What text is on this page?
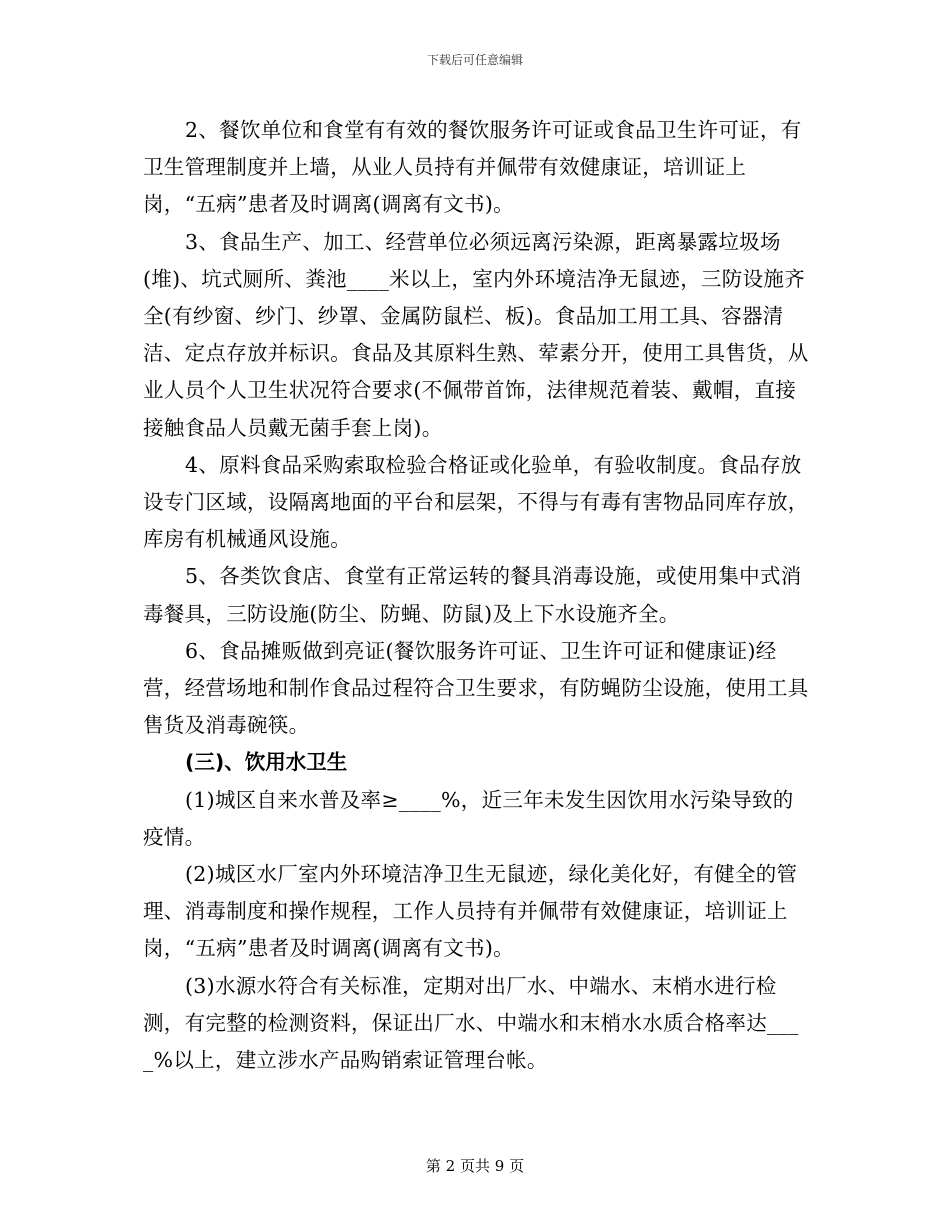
下载后可任意编辑

2、餐饮单位和食堂有有效的餐饮服务许可证或食品卫生许可证，有卫生管理制度并上墙，从业人员持有并佩带有效健康证，培训证上岗，“五病”患者及时调离(调离有文书)。

3、食品生产、加工、经营单位必须远离污染源，距离暴露垃圾场(堆)、坑式厕所、粪池____米以上，室内外环境洁净无鼠迹，三防设施齐全(有纱窗、纱门、纱罩、金属防鼠栏、板)。食品加工用工具、容器清洁、定点存放并标识。食品及其原料生熟、荤素分开，使用工具售货，从业人员个人卫生状况符合要求(不佩带首饰，法律规范着装、戴帽，直接接触食品人员戴无菌手套上岗)。

4、原料食品采购索取检验合格证或化验单，有验收制度。食品存放设专门区域，设隔离地面的平台和层架，不得与有毒有害物品同库存放，库房有机械通风设施。

5、各类饮食店、食堂有正常运转的餐具消毒设施，或使用集中式消毒餐具，三防设施(防尘、防蝇、防鼠)及上下水设施齐全。

6、食品摊贩做到亮证(餐饮服务许可证、卫生许可证和健康证)经营，经营场地和制作食品过程符合卫生要求，有防蝇防尘设施，使用工具售货及消毒碗筷。

(三)、饮用水卫生

(1)城区自来水普及率≥____%，近三年未发生因饮用水污染导致的疫情。

(2)城区水厂室内外环境洁净卫生无鼠迹，绿化美化好，有健全的管理、消毒制度和操作规程，工作人员持有并佩带有效健康证，培训证上岗，“五病”患者及时调离(调离有文书)。

(3)水源水符合有关标准，定期对出厂水、中端水、末梢水进行检测，有完整的检测资料，保证出厂水、中端水和末梢水水质合格率达____%以上，建立涉水产品购销索证管理台帐。

第 2 页共 9 页
